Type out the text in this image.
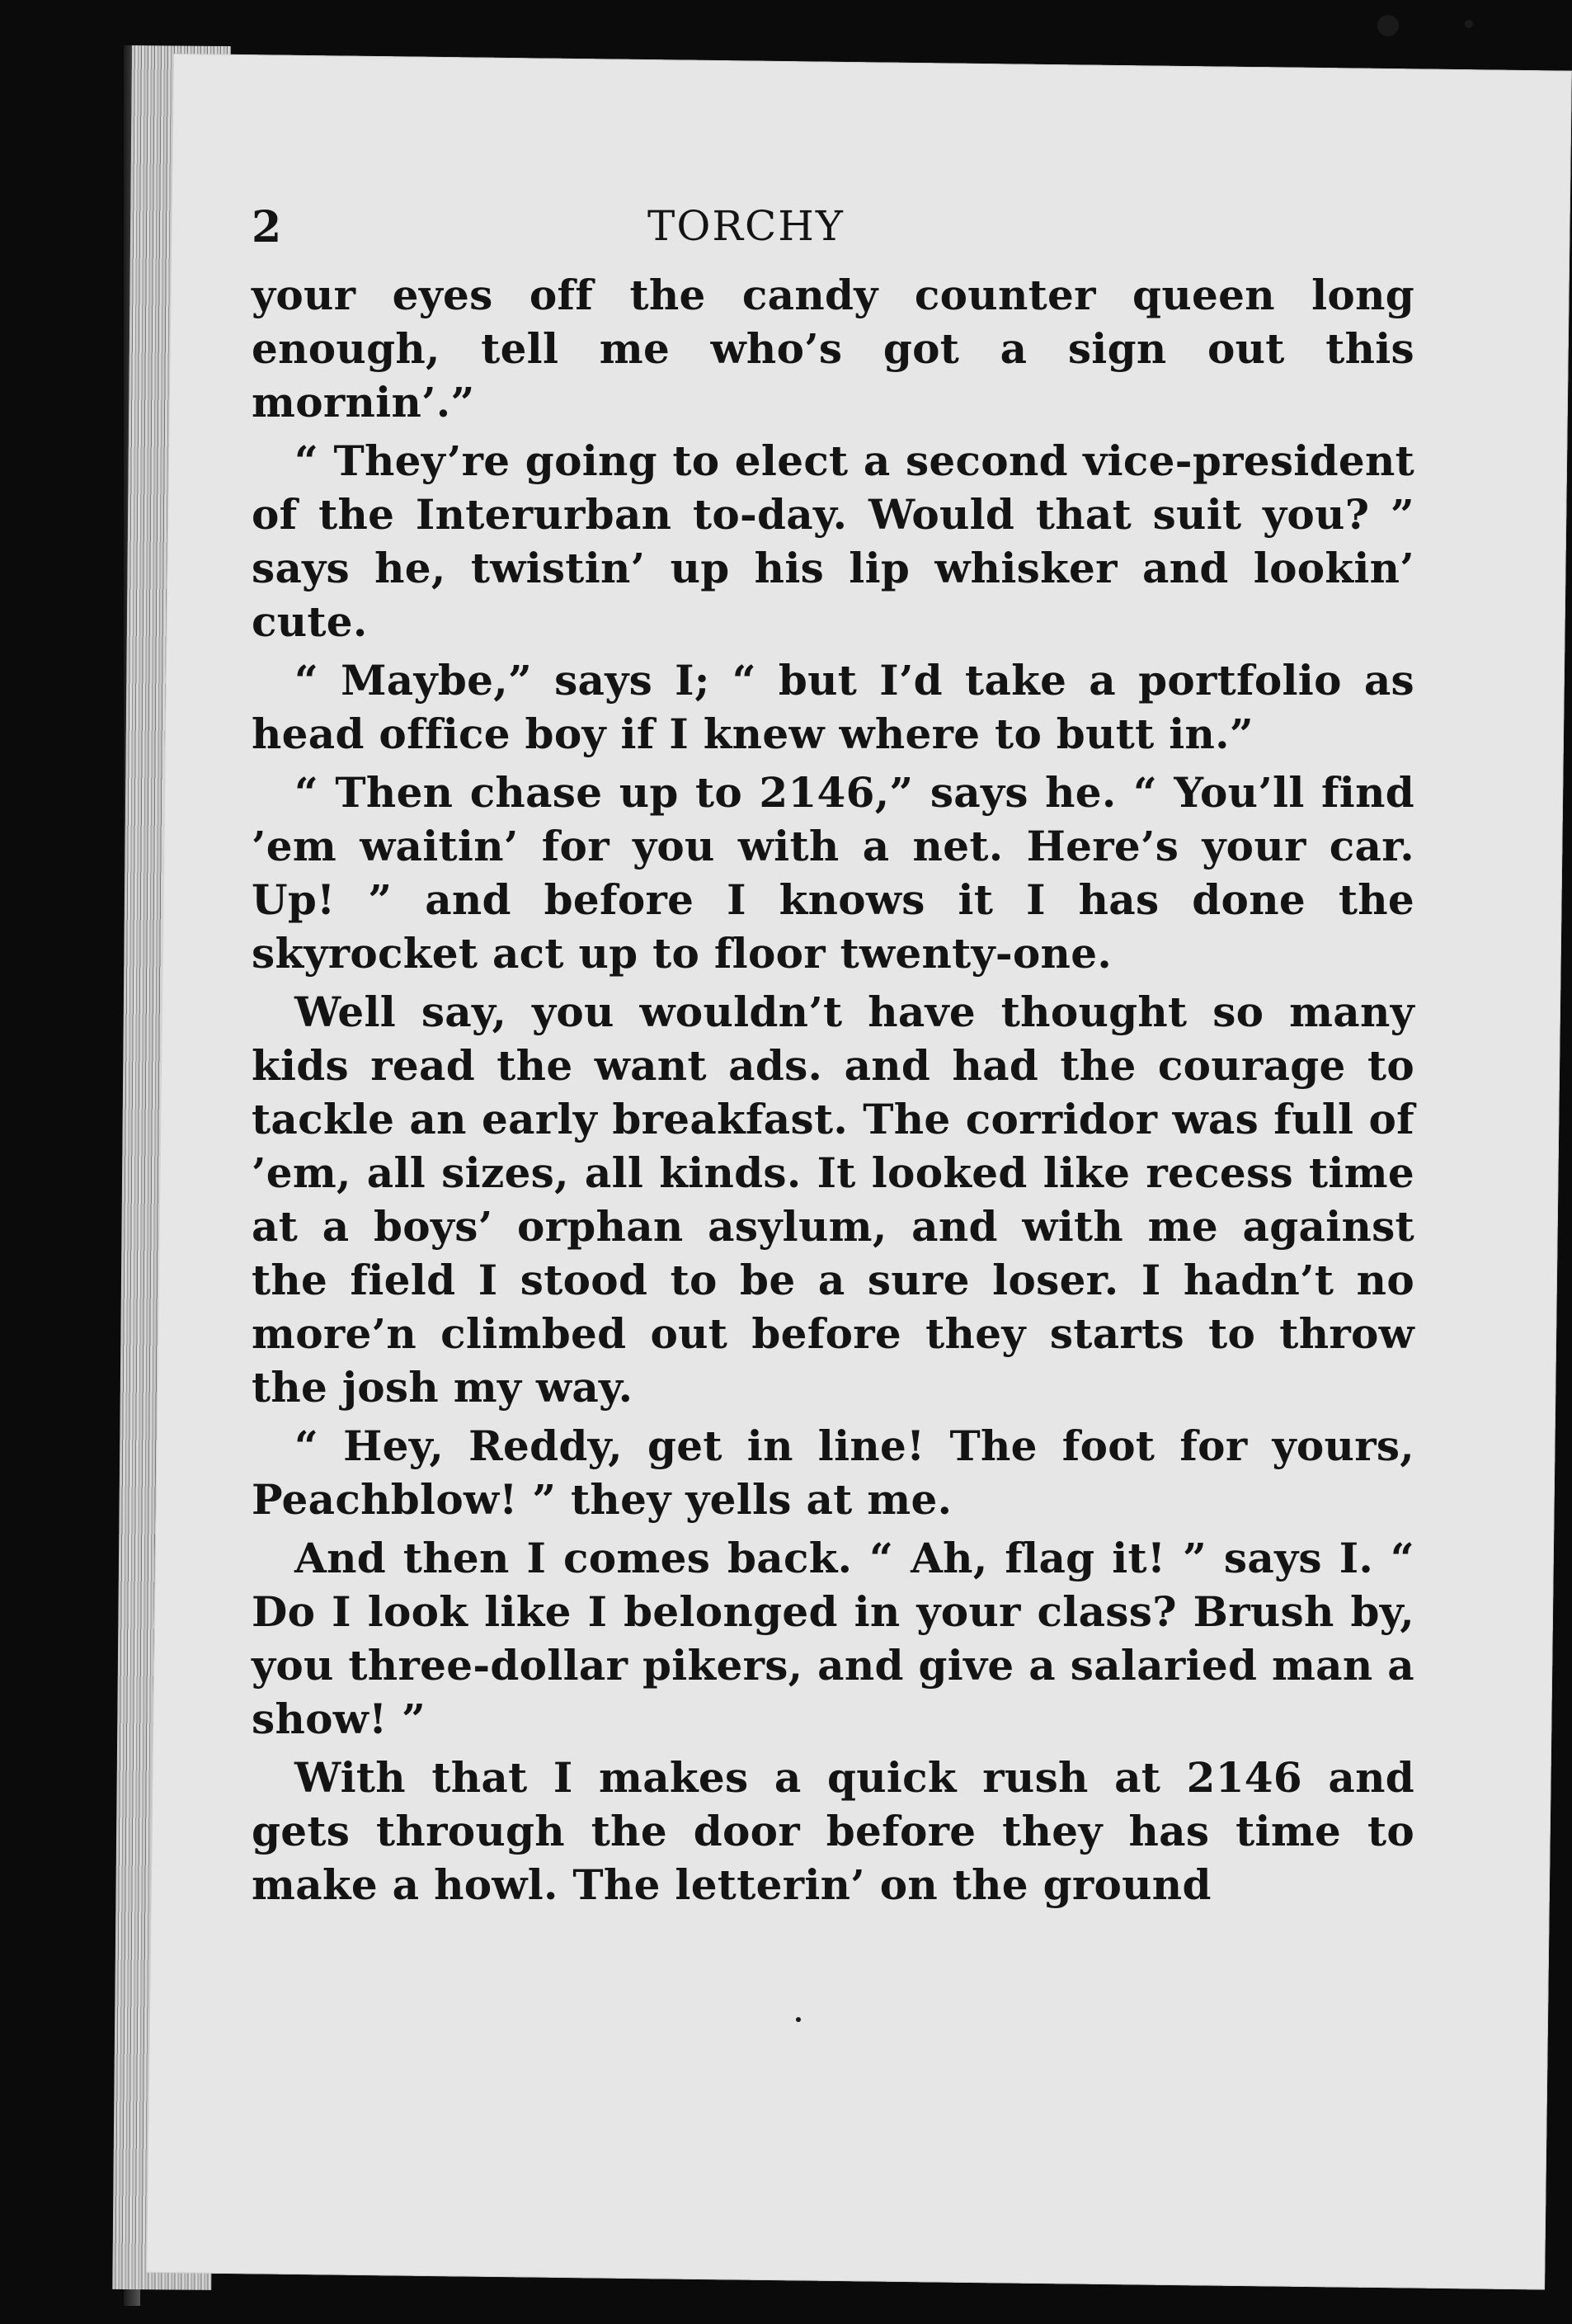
2	TORCHY

your eyes off the candy counter queen long enough, tell me who’s got a sign out this mornin’.”

“ They’re going to elect a second vice-president of the Interurban to-day. Would that suit you? ” says he, twistin’ up his lip whisker and lookin’ cute.

“ Maybe,” says I; “ but I’d take a portfolio as head office boy if I knew where to butt in.”

“ Then chase up to 2146,” says he. “ You’ll find ’em waitin’ for you with a net. Here’s your car. Up! ” and before I knows it I has done the skyrocket act up to floor twenty-one.

Well say, you wouldn’t have thought so many kids read the want ads. and had the courage to tackle an early breakfast. The corridor was full of ’em, all sizes, all kinds. It looked like recess time at a boys’ orphan asylum, and with me against the field I stood to be a sure loser. I hadn’t no more’n climbed out before they starts to throw the josh my way.

“ Hey, Reddy, get in line! The foot for yours, Peachblow! ” they yells at me.

And then I comes back. “ Ah, flag it! ” says I. “ Do I look like I belonged in your class? Brush by, you three-dollar pikers, and give a salaried man a show! ”

With that I makes a quick rush at 2146 and gets through the door before they has time to make a howl. The letterin’ on the ground
